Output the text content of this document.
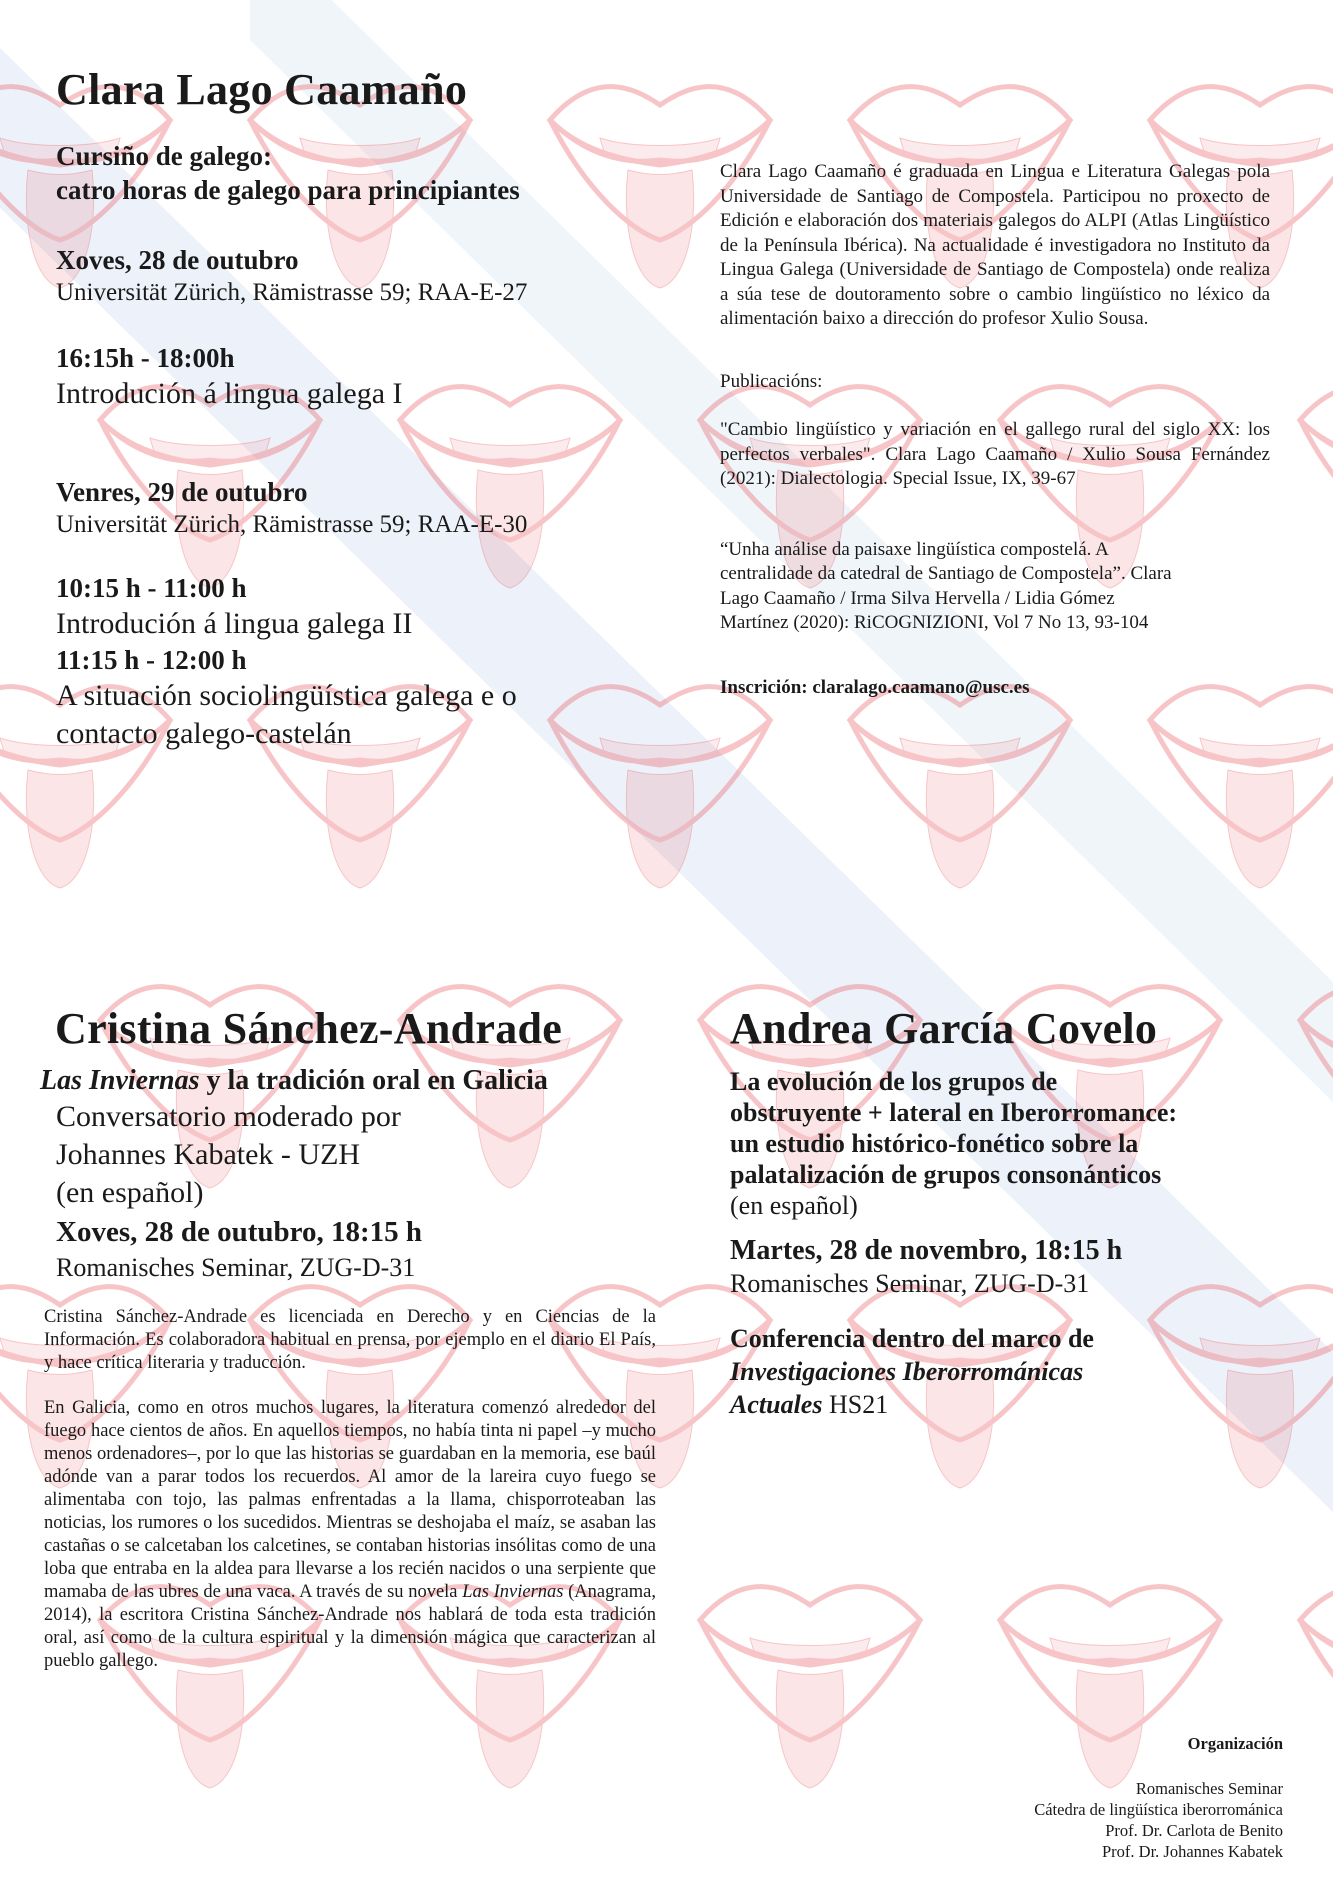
Clara Lago Caamaño
Cursiño de galego:
catro horas de galego para principiantes
Xoves, 28 de outubro
Universität Zürich, Rämistrasse 59; RAA-E-27
16:15h - 18:00h
Introdución á lingua galega I
Venres, 29 de outubro
Universität Zürich, Rämistrasse 59; RAA-E-30
10:15 h - 11:00 h
Introdución á lingua galega II
11:15 h - 12:00 h
A situación sociolingüística galega e o
contacto galego-castelán

Clara Lago Caamaño é graduada en Lingua e Literatura Galegas pola Universidade de Santiago de Compostela. Participou no proxecto de Edición e elaboración dos materiais galegos do ALPI (Atlas Lingüístico de la Península Ibérica). Na actualidade é investigadora no Instituto da Lingua Galega (Universidade de Santiago de Compostela) onde realiza a súa tese de doutoramento sobre o cambio lingüístico no léxico da alimentación baixo a dirección do profesor Xulio Sousa.

Publicacións:

"Cambio lingüístico y variación en el gallego rural del siglo XX: los perfectos verbales". Clara Lago Caamaño / Xulio Sousa Fernández (2021): Dialectologia. Special Issue, IX, 39-67

“Unha análise da paisaxe lingüística compostelá. A
centralidade da catedral de Santiago de Compostela”. Clara
Lago Caamaño / Irma Silva Hervella / Lidia Gómez
Martínez (2020): RiCOGNIZIONI, Vol 7 No 13, 93-104
Inscrición: claralago.caamano@usc.es
Cristina Sánchez-Andrade
Las Inviernas y la tradición oral en Galicia
Conversatorio moderado por
Johannes Kabatek - UZH
(en español)
Xoves, 28 de outubro, 18:15 h
Romanisches Seminar, ZUG-D-31

Cristina Sánchez-Andrade es licenciada en Derecho y en Ciencias de la Información. Es colaboradora habitual en prensa, por ejemplo en el diario El País, y hace crítica literaria y traducción.

En Galicia, como en otros muchos lugares, la literatura comenzó alrededor del fuego hace cientos de años. En aquellos tiempos, no había tinta ni papel –y mucho menos ordenadores–, por lo que las historias se guardaban en la memoria, ese baúl adónde van a parar todos los recuerdos. Al amor de la lareira cuyo fuego se alimentaba con tojo, las palmas enfrentadas a la llama, chisporroteaban las noticias, los rumores o los sucedidos. Mientras se deshojaba el maíz, se asaban las castañas o se calcetaban los calcetines, se contaban historias insólitas como de una loba que entraba en la aldea para llevarse a los recién nacidos o una serpiente que mamaba de las ubres de una vaca. A través de su novela Las Inviernas (Anagrama, 2014), la escritora Cristina Sánchez-Andrade nos hablará de toda esta tradición oral, así como de la cultura espiritual y la dimensión mágica que caracterizan al pueblo gallego.

Andrea García Covelo
La evolución de los grupos de
obstruyente + lateral en Iberorromance:
un estudio histórico-fonético sobre la
palatalización de grupos consonánticos
(en español)
Martes, 28 de novembro, 18:15 h
Romanisches Seminar, ZUG-D-31
Conferencia dentro del marco de
Investigaciones Iberorrománicas
Actuales HS21
Organización
Romanisches Seminar
Cátedra de lingüística iberorrománica
Prof. Dr. Carlota de Benito
Prof. Dr. Johannes Kabatek
